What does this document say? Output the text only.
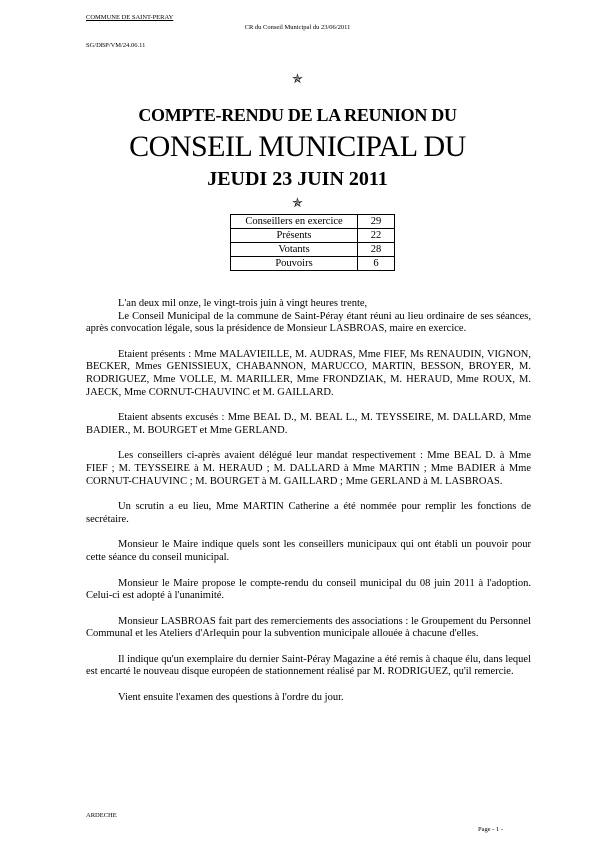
COMMUNE DE SAINT-PERAY
CR du Conseil Municipal du 23/06/2011
SG/DBP/VM/24.06.11
✯
COMPTE-RENDU DE LA REUNION DU
CONSEIL MUNICIPAL DU
JEUDI 23 JUIN 2011
✯
Conseillers en exercice	29
Présents	22
Votants	28
Pouvoirs	6

L'an deux mil onze, le vingt-trois juin à vingt heures trente,

Le Conseil Municipal de la commune de Saint-Péray étant réuni au lieu ordinaire de ses séances, après convocation légale, sous la présidence de Monsieur LASBROAS, maire en exercice.

Etaient présents : Mme MALAVIEILLE, M. AUDRAS, Mme FIEF, Ms RENAUDIN, VIGNON, BECKER, Mmes GENISSIEUX, CHABANNON, MARUCCO, MARTIN, BESSON, BROYER, M. RODRIGUEZ, Mme VOLLE, M. MARILLER, Mme FRONDZIAK, M. HERAUD, Mme ROUX, M. JAECK, Mme CORNUT-CHAUVINC et M. GAILLARD.

Etaient absents excusés : Mme BEAL D., M. BEAL L., M. TEYSSEIRE, M. DALLARD, Mme BADIER., M. BOURGET et Mme GERLAND.

Les conseillers ci-après avaient délégué leur mandat respectivement : Mme BEAL D. à Mme FIEF ; M. TEYSSEIRE à M. HERAUD ; M. DALLARD à Mme MARTIN ; Mme BADIER à Mme CORNUT-CHAUVINC ; M. BOURGET à M. GAILLARD ; Mme GERLAND à M. LASBROAS.

Un scrutin a eu lieu, Mme MARTIN Catherine a été nommée pour remplir les fonctions de secrétaire.

Monsieur le Maire indique quels sont les conseillers municipaux qui ont établi un pouvoir pour cette séance du conseil municipal.

Monsieur le Maire propose le compte-rendu du conseil municipal du 08 juin 2011 à l'adoption. Celui-ci est adopté à l'unanimité.

Monsieur LASBROAS fait part des remerciements des associations : le Groupement du Personnel Communal et les Ateliers d'Arlequin pour la subvention municipale allouée à chacune d'elles.

Il indique qu'un exemplaire du dernier Saint-Péray Magazine a été remis à chaque élu, dans lequel est encarté le nouveau disque européen de stationnement réalisé par M. RODRIGUEZ, qu'il remercie.

Vient ensuite l'examen des questions à l'ordre du jour.

ARDECHE
Page - 1 -
